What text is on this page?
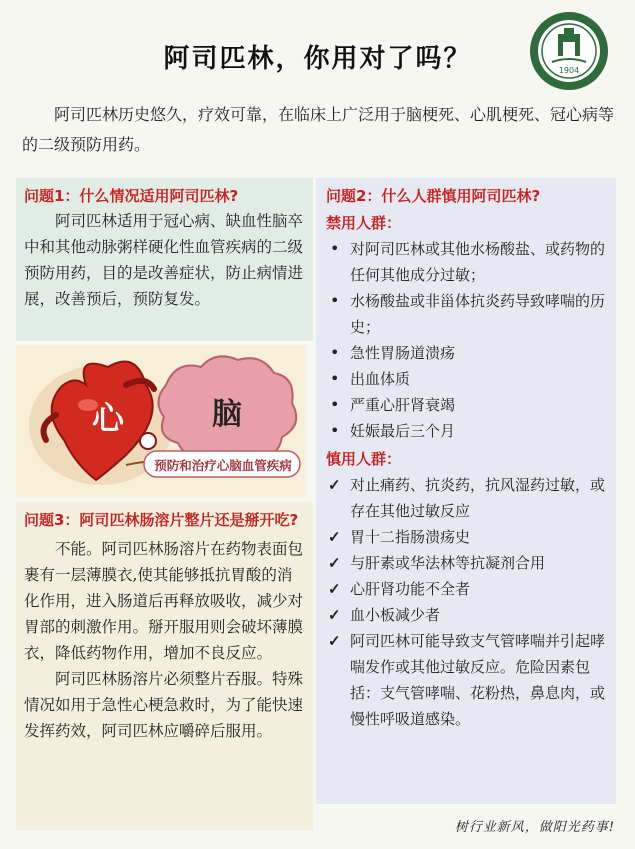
1904
阿司匹林，你用对了吗？

阿司匹林历史悠久，疗效可靠，在临床上广泛用于脑梗死、心肌梗死、冠心病等的二级预防用药。

问题1：什么情况适用阿司匹林?

阿司匹林适用于冠心病、缺血性脑卒中和其他动脉粥样硬化性血管疾病的二级预防用药，目的是改善症状，防止病情进展，改善预后，预防复发。

心	脑
预防和治疗心脑血管疾病
问题2：什么人群慎用阿司匹林?
禁用人群：
• 对阿司匹林或其他水杨酸盐、或药物的任何其他成分过敏；
• 水杨酸盐或非甾体抗炎药导致哮喘的历史；
• 急性胃肠道溃疡
• 出血体质
• 严重心肝肾衰竭
• 妊娠最后三个月
慎用人群：
✓ 对止痛药、抗炎药，抗风湿药过敏，或存在其他过敏反应
✓ 胃十二指肠溃疡史
✓ 与肝素或华法林等抗凝剂合用
✓ 心肝肾功能不全者
✓ 血小板减少者
✓ 阿司匹林可能导致支气管哮喘并引起哮喘发作或其他过敏反应。危险因素包括：支气管哮喘、花粉热，鼻息肉，或慢性呼吸道感染。
问题3：阿司匹林肠溶片整片还是掰开吃?

不能。阿司匹林肠溶片在药物表面包裹有一层薄膜衣,使其能够抵抗胃酸的消化作用，进入肠道后再释放吸收，减少对胃部的刺激作用。掰开服用则会破坏薄膜衣，降低药物作用，增加不良反应。

阿司匹林肠溶片必须整片吞服。特殊情况如用于急性心梗急救时，为了能快速发挥药效，阿司匹林应嚼碎后服用。

树行业新风，做阳光药事!
